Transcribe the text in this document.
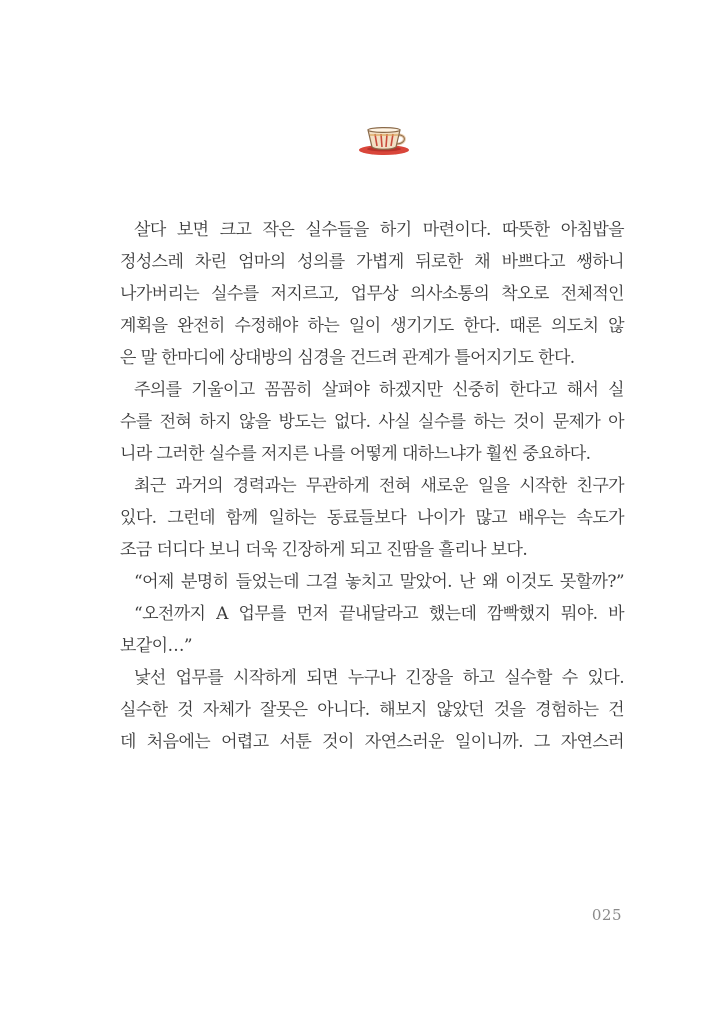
살다 보면 크고 작은 실수들을 하기 마련이다. 따뜻한 아침밥을
정성스레 차린 엄마의 성의를 가볍게 뒤로한 채 바쁘다고 쌩하니
나가버리는 실수를 저지르고, 업무상 의사소통의 착오로 전체적인
계획을 완전히 수정해야 하는 일이 생기기도 한다. 때론 의도치 않
은 말 한마디에 상대방의 심경을 건드려 관계가 틀어지기도 한다.
주의를 기울이고 꼼꼼히 살펴야 하겠지만 신중히 한다고 해서 실
수를 전혀 하지 않을 방도는 없다. 사실 실수를 하는 것이 문제가 아
니라 그러한 실수를 저지른 나를 어떻게 대하느냐가 훨씬 중요하다.
최근 과거의 경력과는 무관하게 전혀 새로운 일을 시작한 친구가
있다. 그런데 함께 일하는 동료들보다 나이가 많고 배우는 속도가
조금 더디다 보니 더욱 긴장하게 되고 진땀을 흘리나 보다.
“어제 분명히 들었는데 그걸 놓치고 말았어. 난 왜 이것도 못할까?”
“오전까지 A 업무를 먼저 끝내달라고 했는데 깜빡했지 뭐야. 바
보같이…”
낯선 업무를 시작하게 되면 누구나 긴장을 하고 실수할 수 있다.
실수한 것 자체가 잘못은 아니다. 해보지 않았던 것을 경험하는 건
데 처음에는 어렵고 서툰 것이 자연스러운 일이니까. 그 자연스러
025
